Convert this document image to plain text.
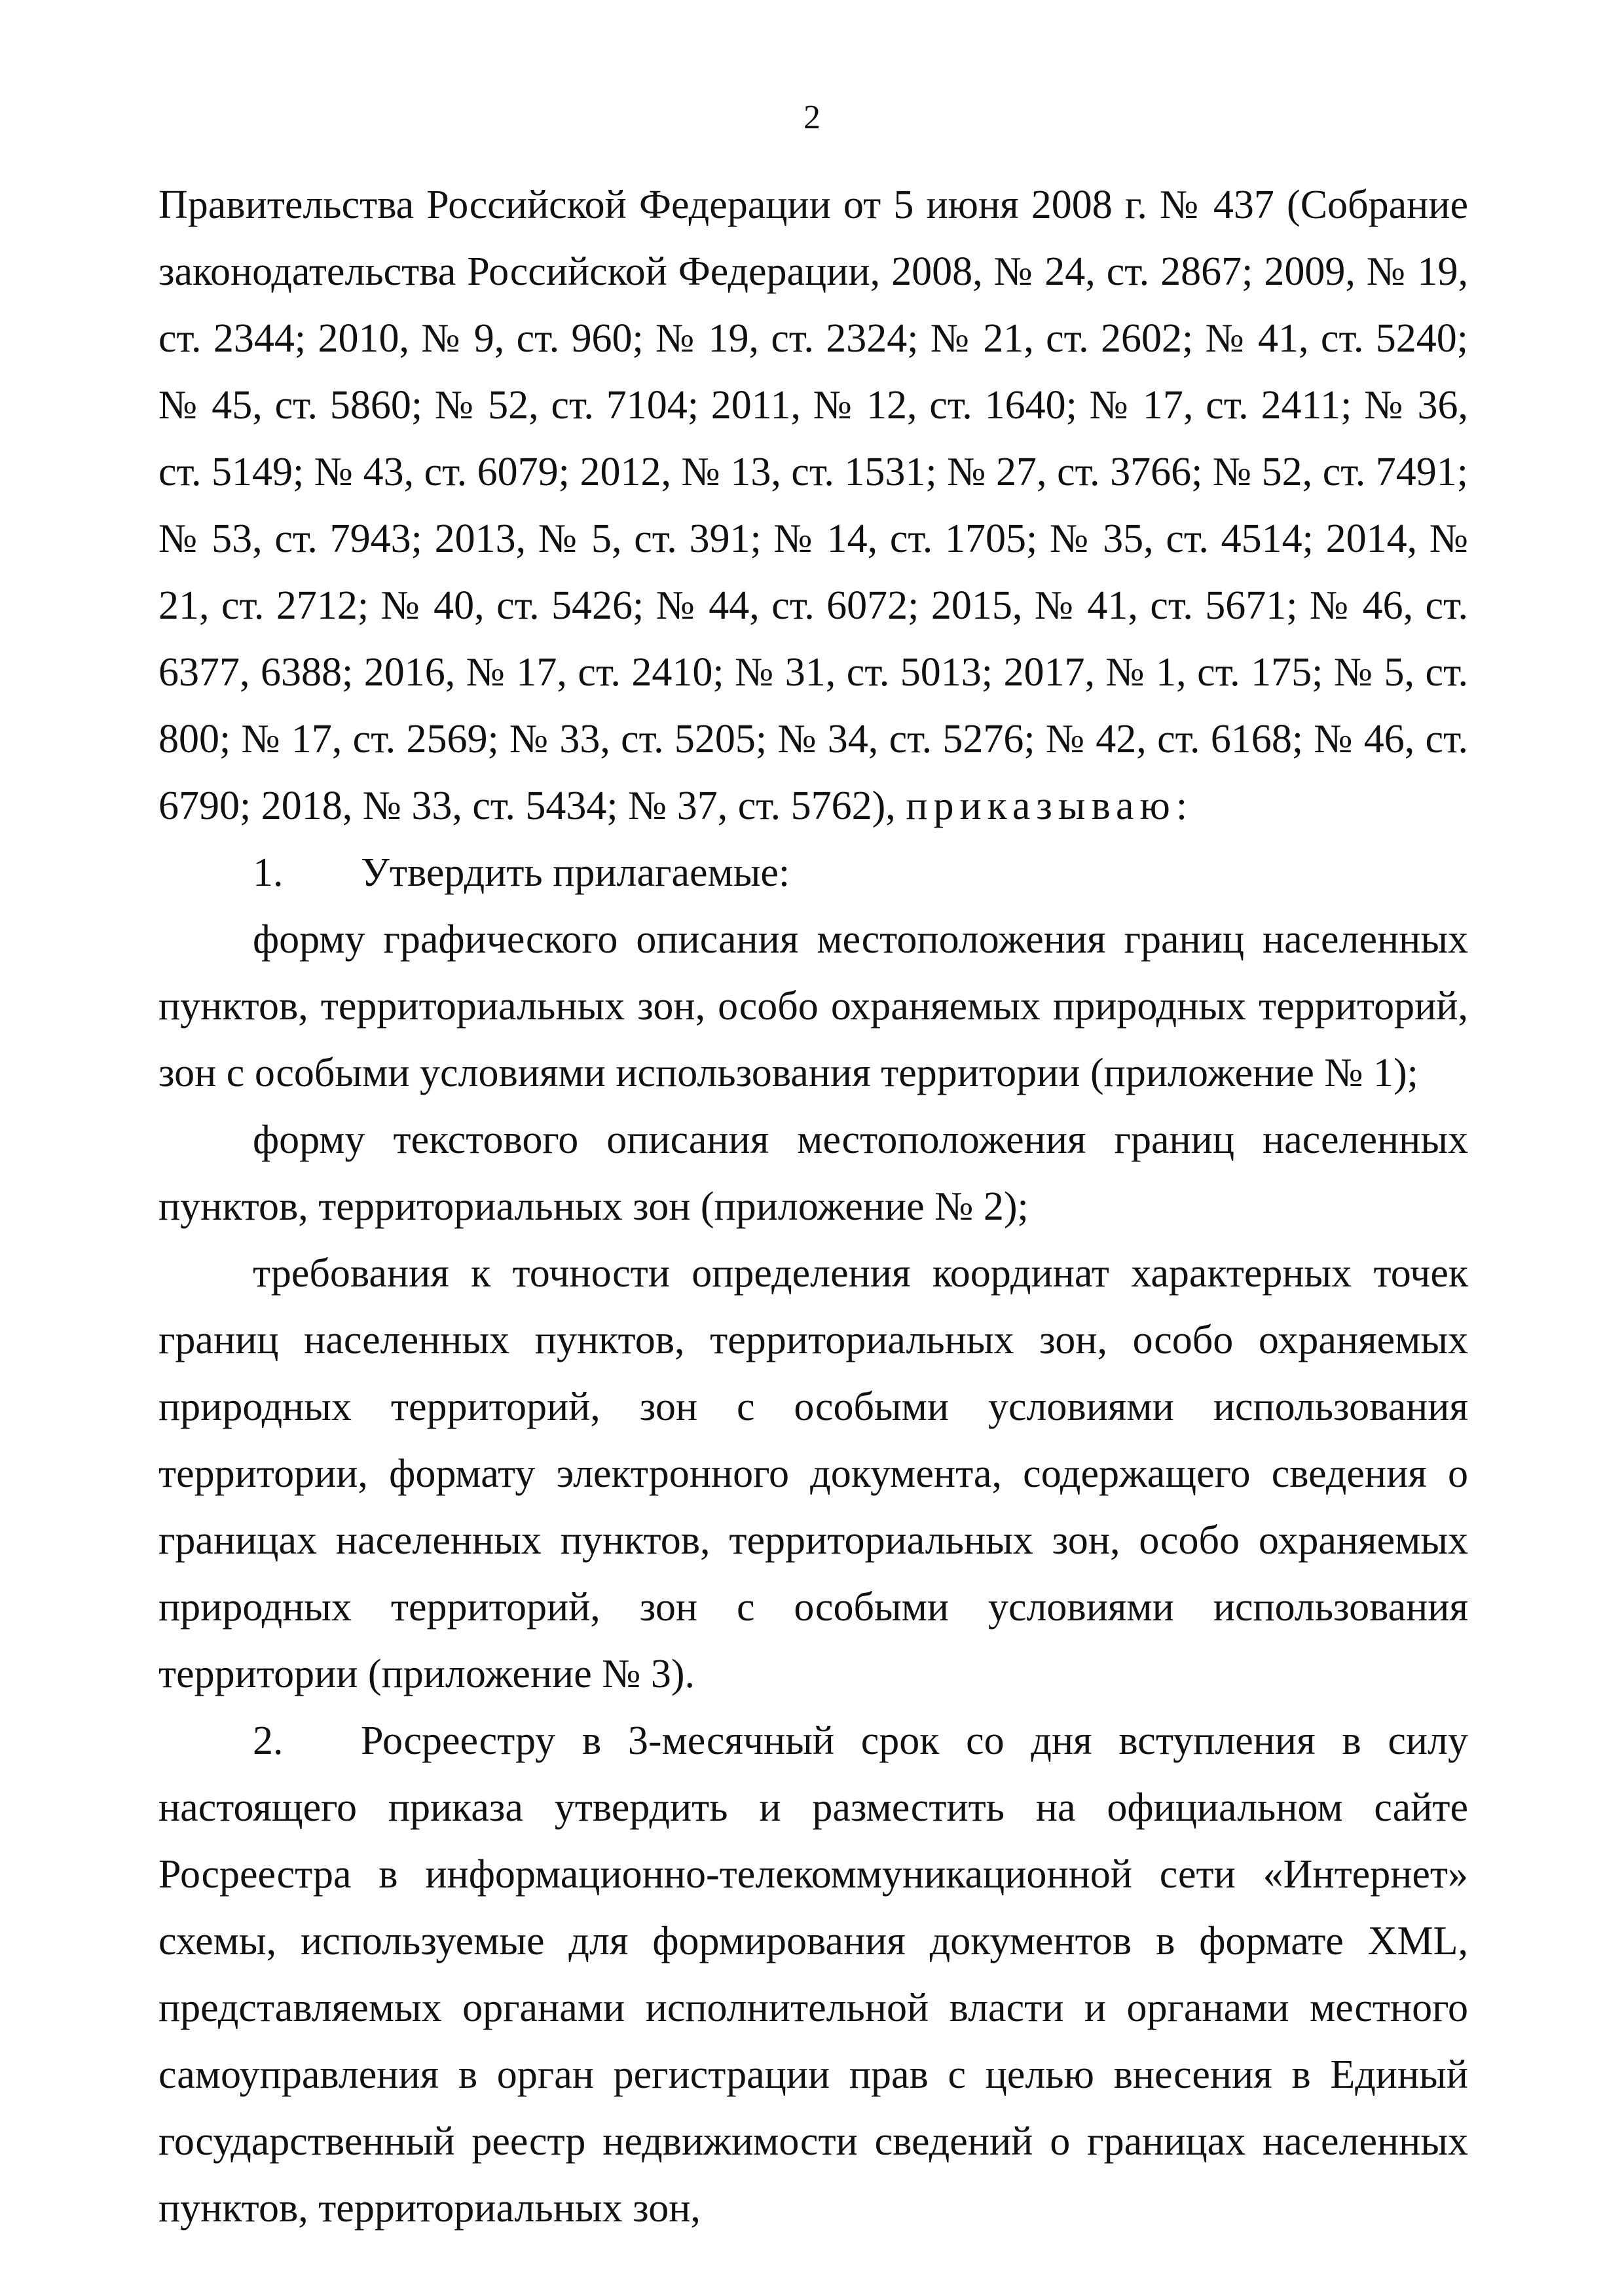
2

Правительства Российской Федерации от 5 июня 2008 г. № 437 (Собрание законодательства Российской Федерации, 2008, № 24, ст. 2867; 2009, № 19, ст. 2344; 2010, № 9, ст. 960; № 19, ст. 2324; № 21, ст. 2602; № 41, ст. 5240; № 45, ст. 5860; № 52, ст. 7104; 2011, № 12, ст. 1640; № 17, ст. 2411; № 36, ст. 5149; № 43, ст. 6079; 2012, № 13, ст. 1531; № 27, ст. 3766; № 52, ст. 7491; № 53, ст. 7943; 2013, № 5, ст. 391; № 14, ст. 1705; № 35, ст. 4514; 2014, № 21, ст. 2712; № 40, ст. 5426; № 44, ст. 6072; 2015, № 41, ст. 5671; № 46, ст. 6377, 6388; 2016, № 17, ст. 2410; № 31, ст. 5013; 2017, № 1, ст. 175; № 5, ст. 800; № 17, ст. 2569; № 33, ст. 5205; № 34, ст. 5276; № 42, ст. 6168; № 46, ст. 6790; 2018, № 33, ст. 5434; № 37, ст. 5762), приказываю:

1. Утвердить прилагаемые:

форму графического описания местоположения границ населенных пунктов, территориальных зон, особо охраняемых природных территорий, зон с особыми условиями использования территории (приложение № 1);

форму текстового описания местоположения границ населенных пунктов, территориальных зон (приложение № 2);

требования к точности определения координат характерных точек границ населенных пунктов, территориальных зон, особо охраняемых природных территорий, зон с особыми условиями использования территории, формату электронного документа, содержащего сведения о границах населенных пунктов, территориальных зон, особо охраняемых природных территорий, зон с особыми условиями использования территории (приложение № 3).

2. Росреестру в 3-месячный срок со дня вступления в силу настоящего приказа утвердить и разместить на официальном сайте Росреестра в информационно-телекоммуникационной сети «Интернет» схемы, используемые для формирования документов в формате XML, представляемых органами исполнительной власти и органами местного самоуправления в орган регистрации прав с целью внесения в Единый государственный реестр недвижимости сведений о границах населенных пунктов, территориальных зон,
